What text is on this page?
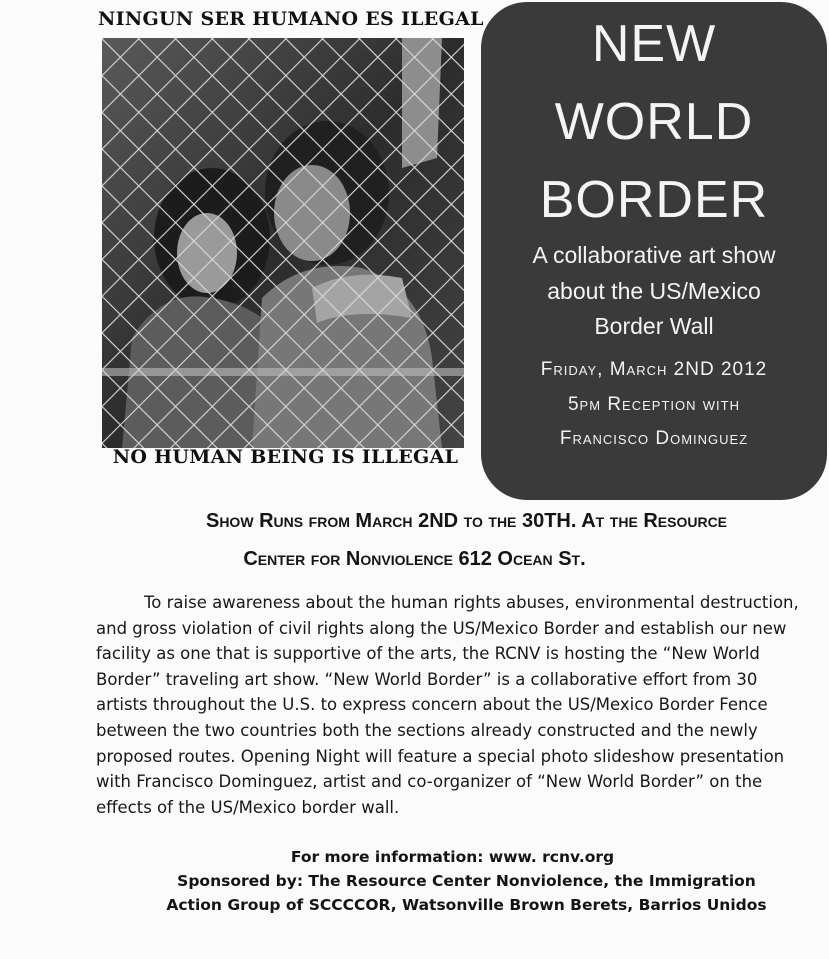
NINGUN SER HUMANO ES ILEGAL
NO HUMAN BEING IS ILLEGAL
NEW
WORLD
BORDER
A collaborative art show
about the US/Mexico
Border Wall
Friday, March 2ND 2012
5pm Reception with
Francisco Dominguez
Show Runs from March 2ND to the 30TH. At the Resource
Center for Nonviolence 612 Ocean St.

To raise awareness about the human rights abuses, environmental destruction, and gross violation of civil rights along the US/Mexico Border and establish our new facility as one that is supportive of the arts, the RCNV is hosting the “New World Border” traveling art show. “New World Border” is a collaborative effort from 30 artists throughout the U.S. to express concern about the US/Mexico Border Fence between the two countries both the sections already constructed and the newly proposed routes. Opening Night will feature a special photo slideshow presentation with Francisco Dominguez, artist and co-organizer of “New World Border” on the effects of the US/Mexico border wall.

For more information: www. rcnv.org
Sponsored by: The Resource Center Nonviolence, the Immigration
Action Group of SCCCCOR, Watsonville Brown Berets, Barrios Unidos
